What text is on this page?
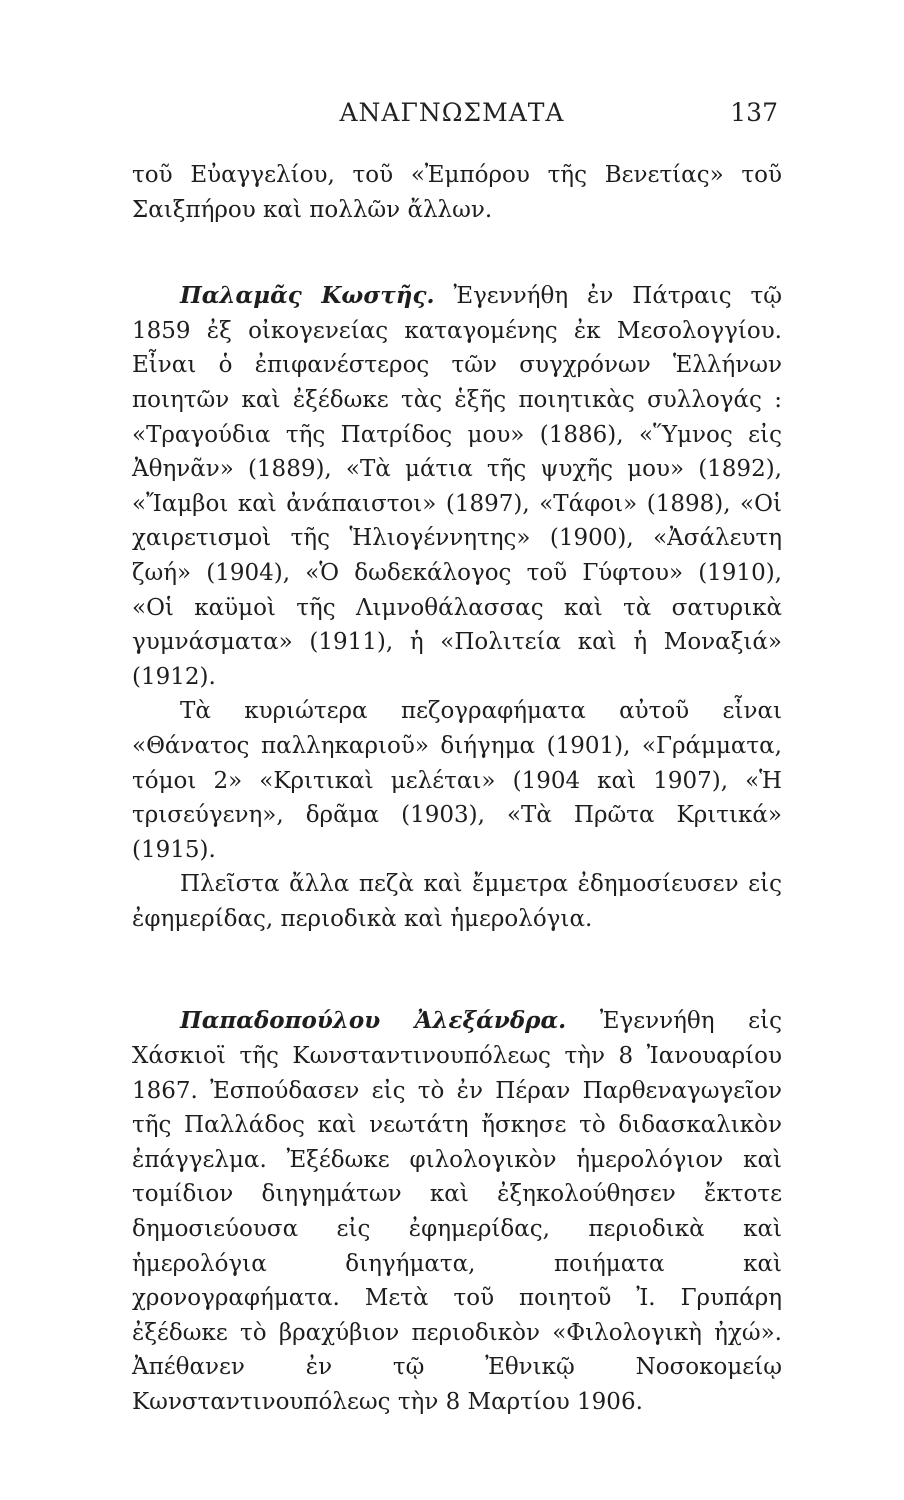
ΑΝΑΓΝΩΣΜΑΤΑ	137

τοῦ Εὐαγγελίου, τοῦ «Ἐμπόρου τῆς Βενετίας» τοῦ Σαιξπήρου καὶ πολλῶν ἄλλων.

Παλαμᾶς Κωστῆς. Ἐγεννήθη ἐν Πάτραις τῷ 1859 ἐξ οἰκογενείας καταγομένης ἐκ Μεσολογγίου. Εἶναι ὁ ἐπιφανέστερος τῶν συγχρόνων Ἑλλήνων ποιητῶν καὶ ἐξέδωκε τὰς ἑξῆς ποιητικὰς συλλογάς : «Τραγούδια τῆς Πατρίδος μου» (1886), «Ὕμνος εἰς Ἀθηνᾶν» (1889), «Τὰ μάτια τῆς ψυχῆς μου» (1892), «Ἴαμβοι καὶ ἀνάπαιστοι» (1897), «Τάφοι» (1898), «Οἱ χαιρετισμοὶ τῆς Ἡλιογέννητης» (1900), «Ἀσάλευτη ζωή» (1904), «Ὁ δωδεκάλογος τοῦ Γύφτου» (1910), «Οἱ καϋμοὶ τῆς Λιμνοθάλασσας καὶ τὰ σατυρικὰ γυμνάσματα» (1911), ἡ «Πολιτεία καὶ ἡ Μοναξιά» (1912).

Τὰ κυριώτερα πεζογραφήματα αὐτοῦ εἶναι «Θάνατος παλληκαριοῦ» διήγημα (1901), «Γράμματα, τόμοι 2» «Κριτικαὶ μελέται» (1904 καὶ 1907), «Ἡ τρισεύγενη», δρᾶμα (1903), «Τὰ Πρῶτα Κριτικά» (1915).

Πλεῖστα ἄλλα πεζὰ καὶ ἔμμετρα ἐδημοσίευσεν εἰς ἐφημερίδας, περιοδικὰ καὶ ἡμερολόγια.

Παπαδοπούλου Ἀλεξάνδρα. Ἐγεννήθη εἰς Χάσκιοϊ τῆς Κωνσταντινουπόλεως τὴν 8 Ἰανουαρίου 1867. Ἐσπούδασεν εἰς τὸ ἐν Πέραν Παρθεναγωγεῖον τῆς Παλλάδος καὶ νεωτάτη ἤσκησε τὸ διδασκαλικὸν ἐπάγγελμα. Ἐξέδωκε φιλολογικὸν ἡμερολόγιον καὶ τομίδιον διηγημάτων καὶ ἐξηκολούθησεν ἔκτοτε δημοσιεύουσα εἰς ἐφημερίδας, περιοδικὰ καὶ ἡμερολόγια διηγήματα, ποιήματα καὶ χρονογραφήματα. Μετὰ τοῦ ποιητοῦ Ἰ. Γρυπάρη ἐξέδωκε τὸ βραχύβιον περιοδικὸν «Φιλολογικὴ ἠχώ». Ἀπέθανεν ἐν τῷ Ἐθνικῷ Νοσοκομείῳ Κωνσταντινουπόλεως τὴν 8 Μαρτίου 1906.
